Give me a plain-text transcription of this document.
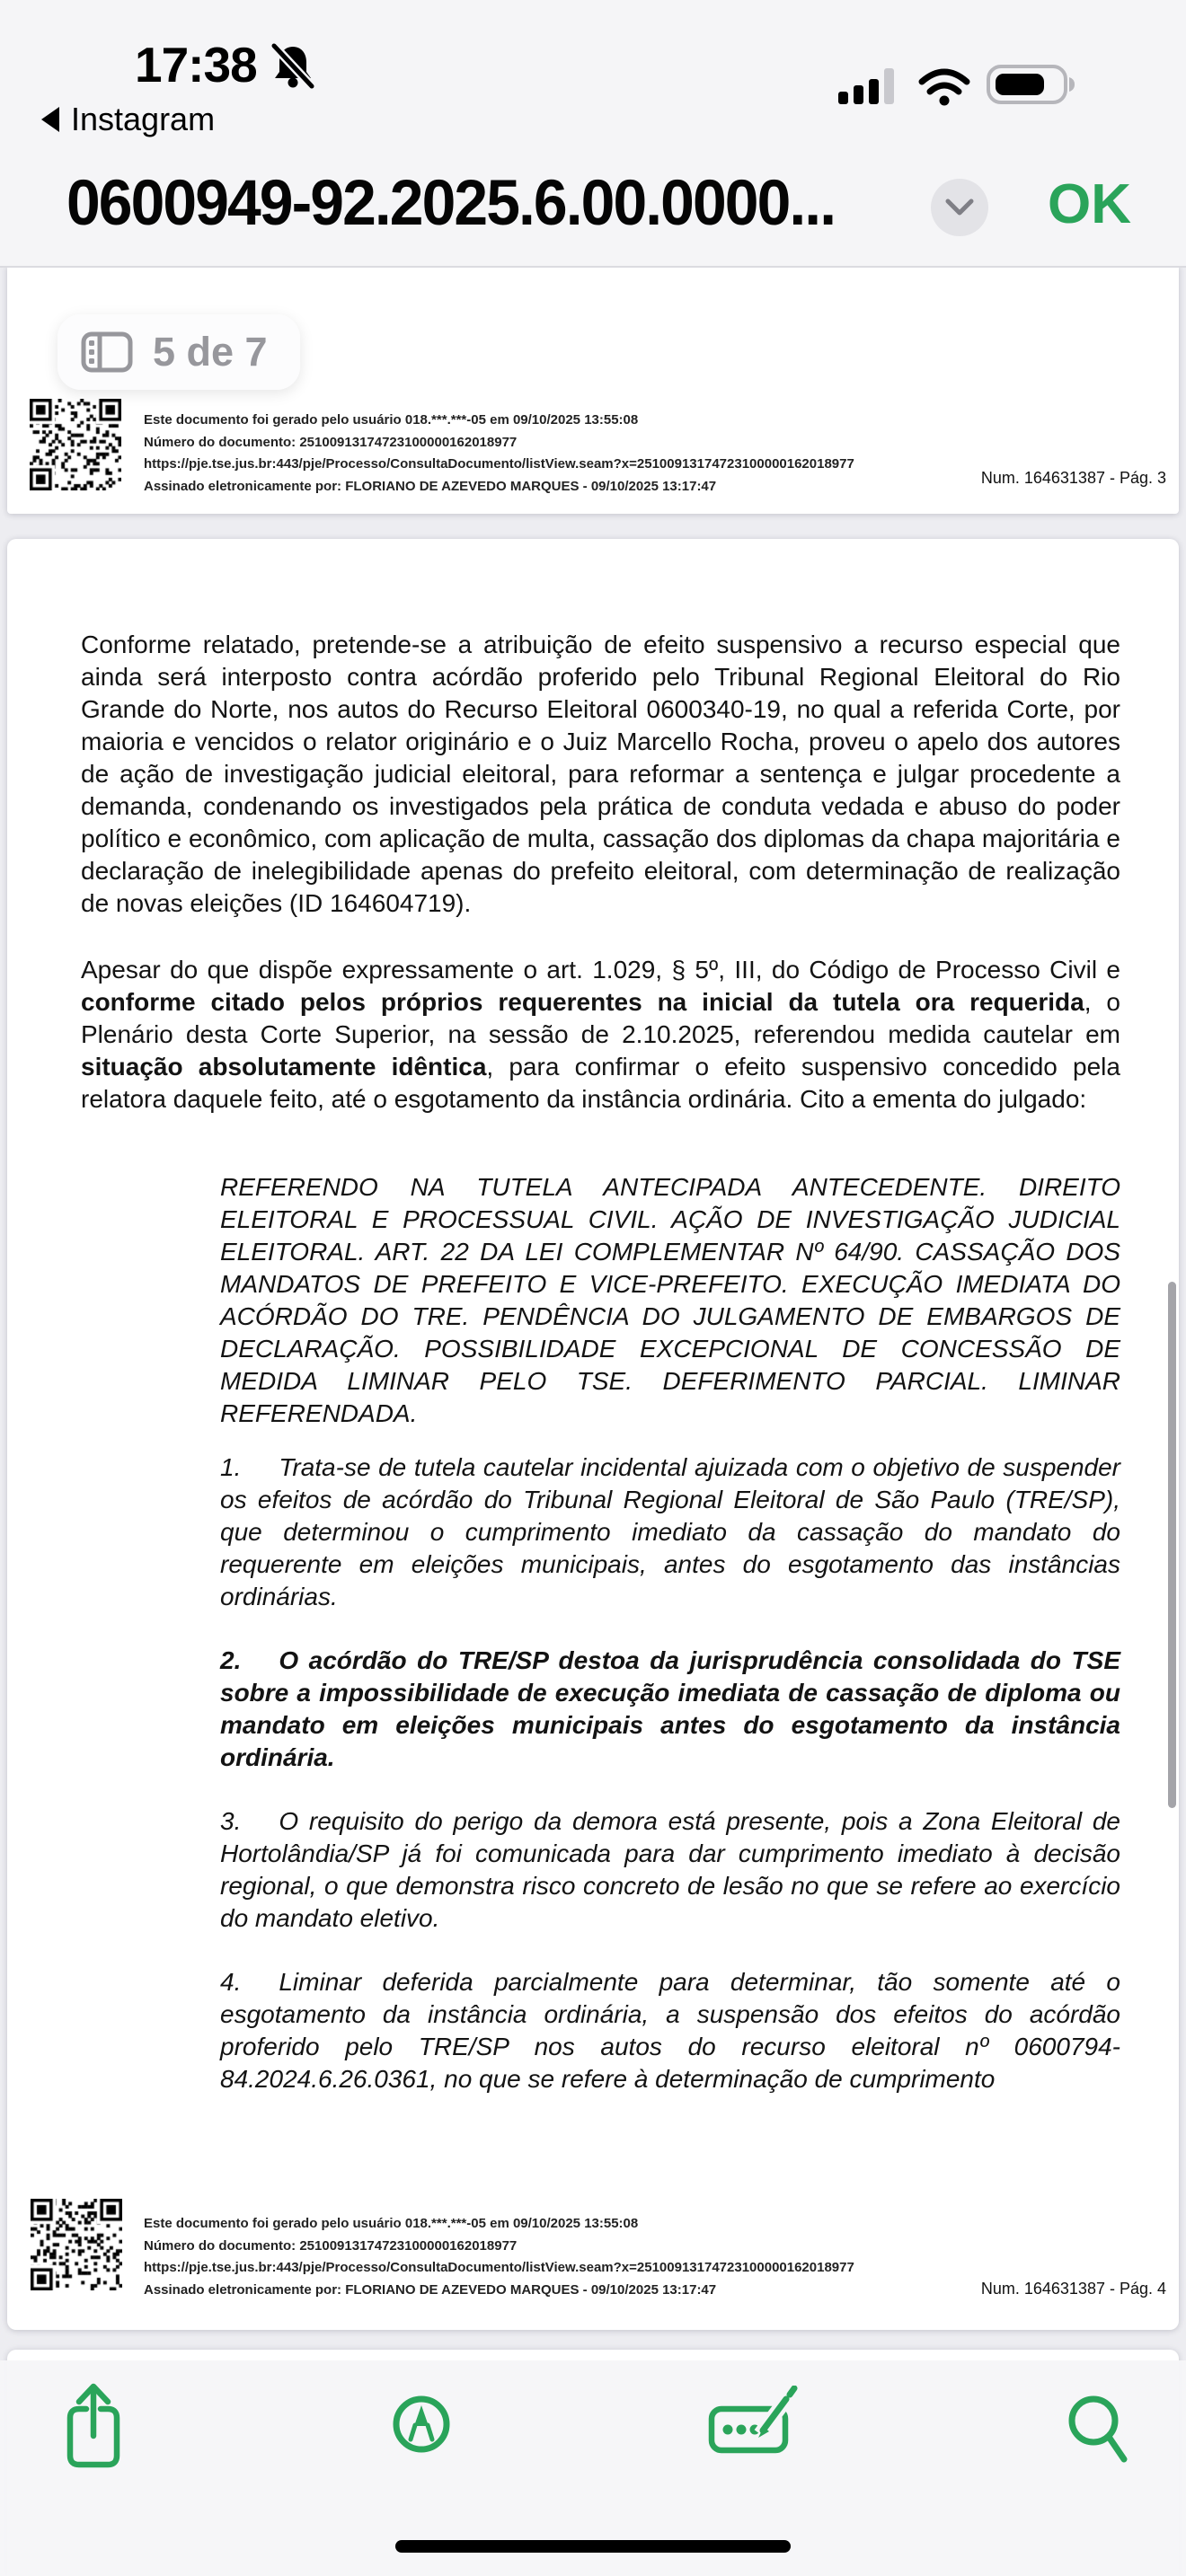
17:38
Instagram
0600949-92.2025.6.00.0000...	OK
Este documento foi gerado pelo usuário 018.***.***-05 em 09/10/2025 13:55:08
Número do documento: 25100913174723100000162018977
https://pje.tse.jus.br:443/pje/Processo/ConsultaDocumento/listView.seam?x=25100913174723100000162018977
Assinado eletronicamente por: FLORIANO DE AZEVEDO MARQUES - 09/10/2025 13:17:47	Num. 164631387 - Pág. 3
5 de 7
Conforme relatado, pretende-se a atribuição de efeito suspensivo a recurso especial que ainda será interposto contra acórdão proferido pelo Tribunal Regional Eleitoral do Rio Grande do Norte, nos autos do Recurso Eleitoral 0600340-19, no qual a referida Corte, por maioria e vencidos o relator originário e o Juiz Marcello Rocha, proveu o apelo dos autores de ação de investigação judicial eleitoral, para reformar a sentença e julgar procedente a demanda, condenando os investigados pela prática de conduta vedada e abuso do poder político e econômico, com aplicação de multa, cassação dos diplomas da chapa majoritária e declaração de inelegibilidade apenas do prefeito eleitoral, com determinação de realização de novas eleições (ID 164604719).
Apesar do que dispõe expressamente o art. 1.029, § 5º, III, do Código de Processo Civil e conforme citado pelos próprios requerentes na inicial da tutela ora requerida, o Plenário desta Corte Superior, na sessão de 2.10.2025, referendou medida cautelar em situação absolutamente idêntica, para confirmar o efeito suspensivo concedido pela relatora daquele feito, até o esgotamento da instância ordinária. Cito a ementa do julgado:
REFERENDO NA TUTELA ANTECIPADA ANTECEDENTE. DIREITO ELEITORAL E PROCESSUAL CIVIL. AÇÃO DE INVESTIGAÇÃO JUDICIAL ELEITORAL. ART. 22 DA LEI COMPLEMENTAR Nº 64/90. CASSAÇÃO DOS MANDATOS DE PREFEITO E VICE-PREFEITO. EXECUÇÃO IMEDIATA DO ACÓRDÃO DO TRE. PENDÊNCIA DO JULGAMENTO DE EMBARGOS DE DECLARAÇÃO. POSSIBILIDADE EXCEPCIONAL DE CONCESSÃO DE MEDIDA LIMINAR PELO TSE. DEFERIMENTO PARCIAL. LIMINAR REFERENDADA.
1. Trata-se de tutela cautelar incidental ajuizada com o objetivo de suspender os efeitos de acórdão do Tribunal Regional Eleitoral de São Paulo (TRE/SP), que determinou o cumprimento imediato da cassação do mandato do requerente em eleições municipais, antes do esgotamento das instâncias ordinárias.
2. O acórdão do TRE/SP destoa da jurisprudência consolidada do TSE sobre a impossibilidade de execução imediata de cassação de diploma ou mandato em eleições municipais antes do esgotamento da instância ordinária.
3. O requisito do perigo da demora está presente, pois a Zona Eleitoral de Hortolândia/SP já foi comunicada para dar cumprimento imediato à decisão regional, o que demonstra risco concreto de lesão no que se refere ao exercício do mandato eletivo.
4. Liminar deferida parcialmente para determinar, tão somente até o esgotamento da instância ordinária, a suspensão dos efeitos do acórdão proferido pelo TRE/SP nos autos do recurso eleitoral nº 0600794-84.2024.6.26.0361, no que se refere à determinação de cumprimento
Este documento foi gerado pelo usuário 018.***.***-05 em 09/10/2025 13:55:08
Número do documento: 25100913174723100000162018977
https://pje.tse.jus.br:443/pje/Processo/ConsultaDocumento/listView.seam?x=25100913174723100000162018977
Assinado eletronicamente por: FLORIANO DE AZEVEDO MARQUES - 09/10/2025 13:17:47	Num. 164631387 - Pág. 4
